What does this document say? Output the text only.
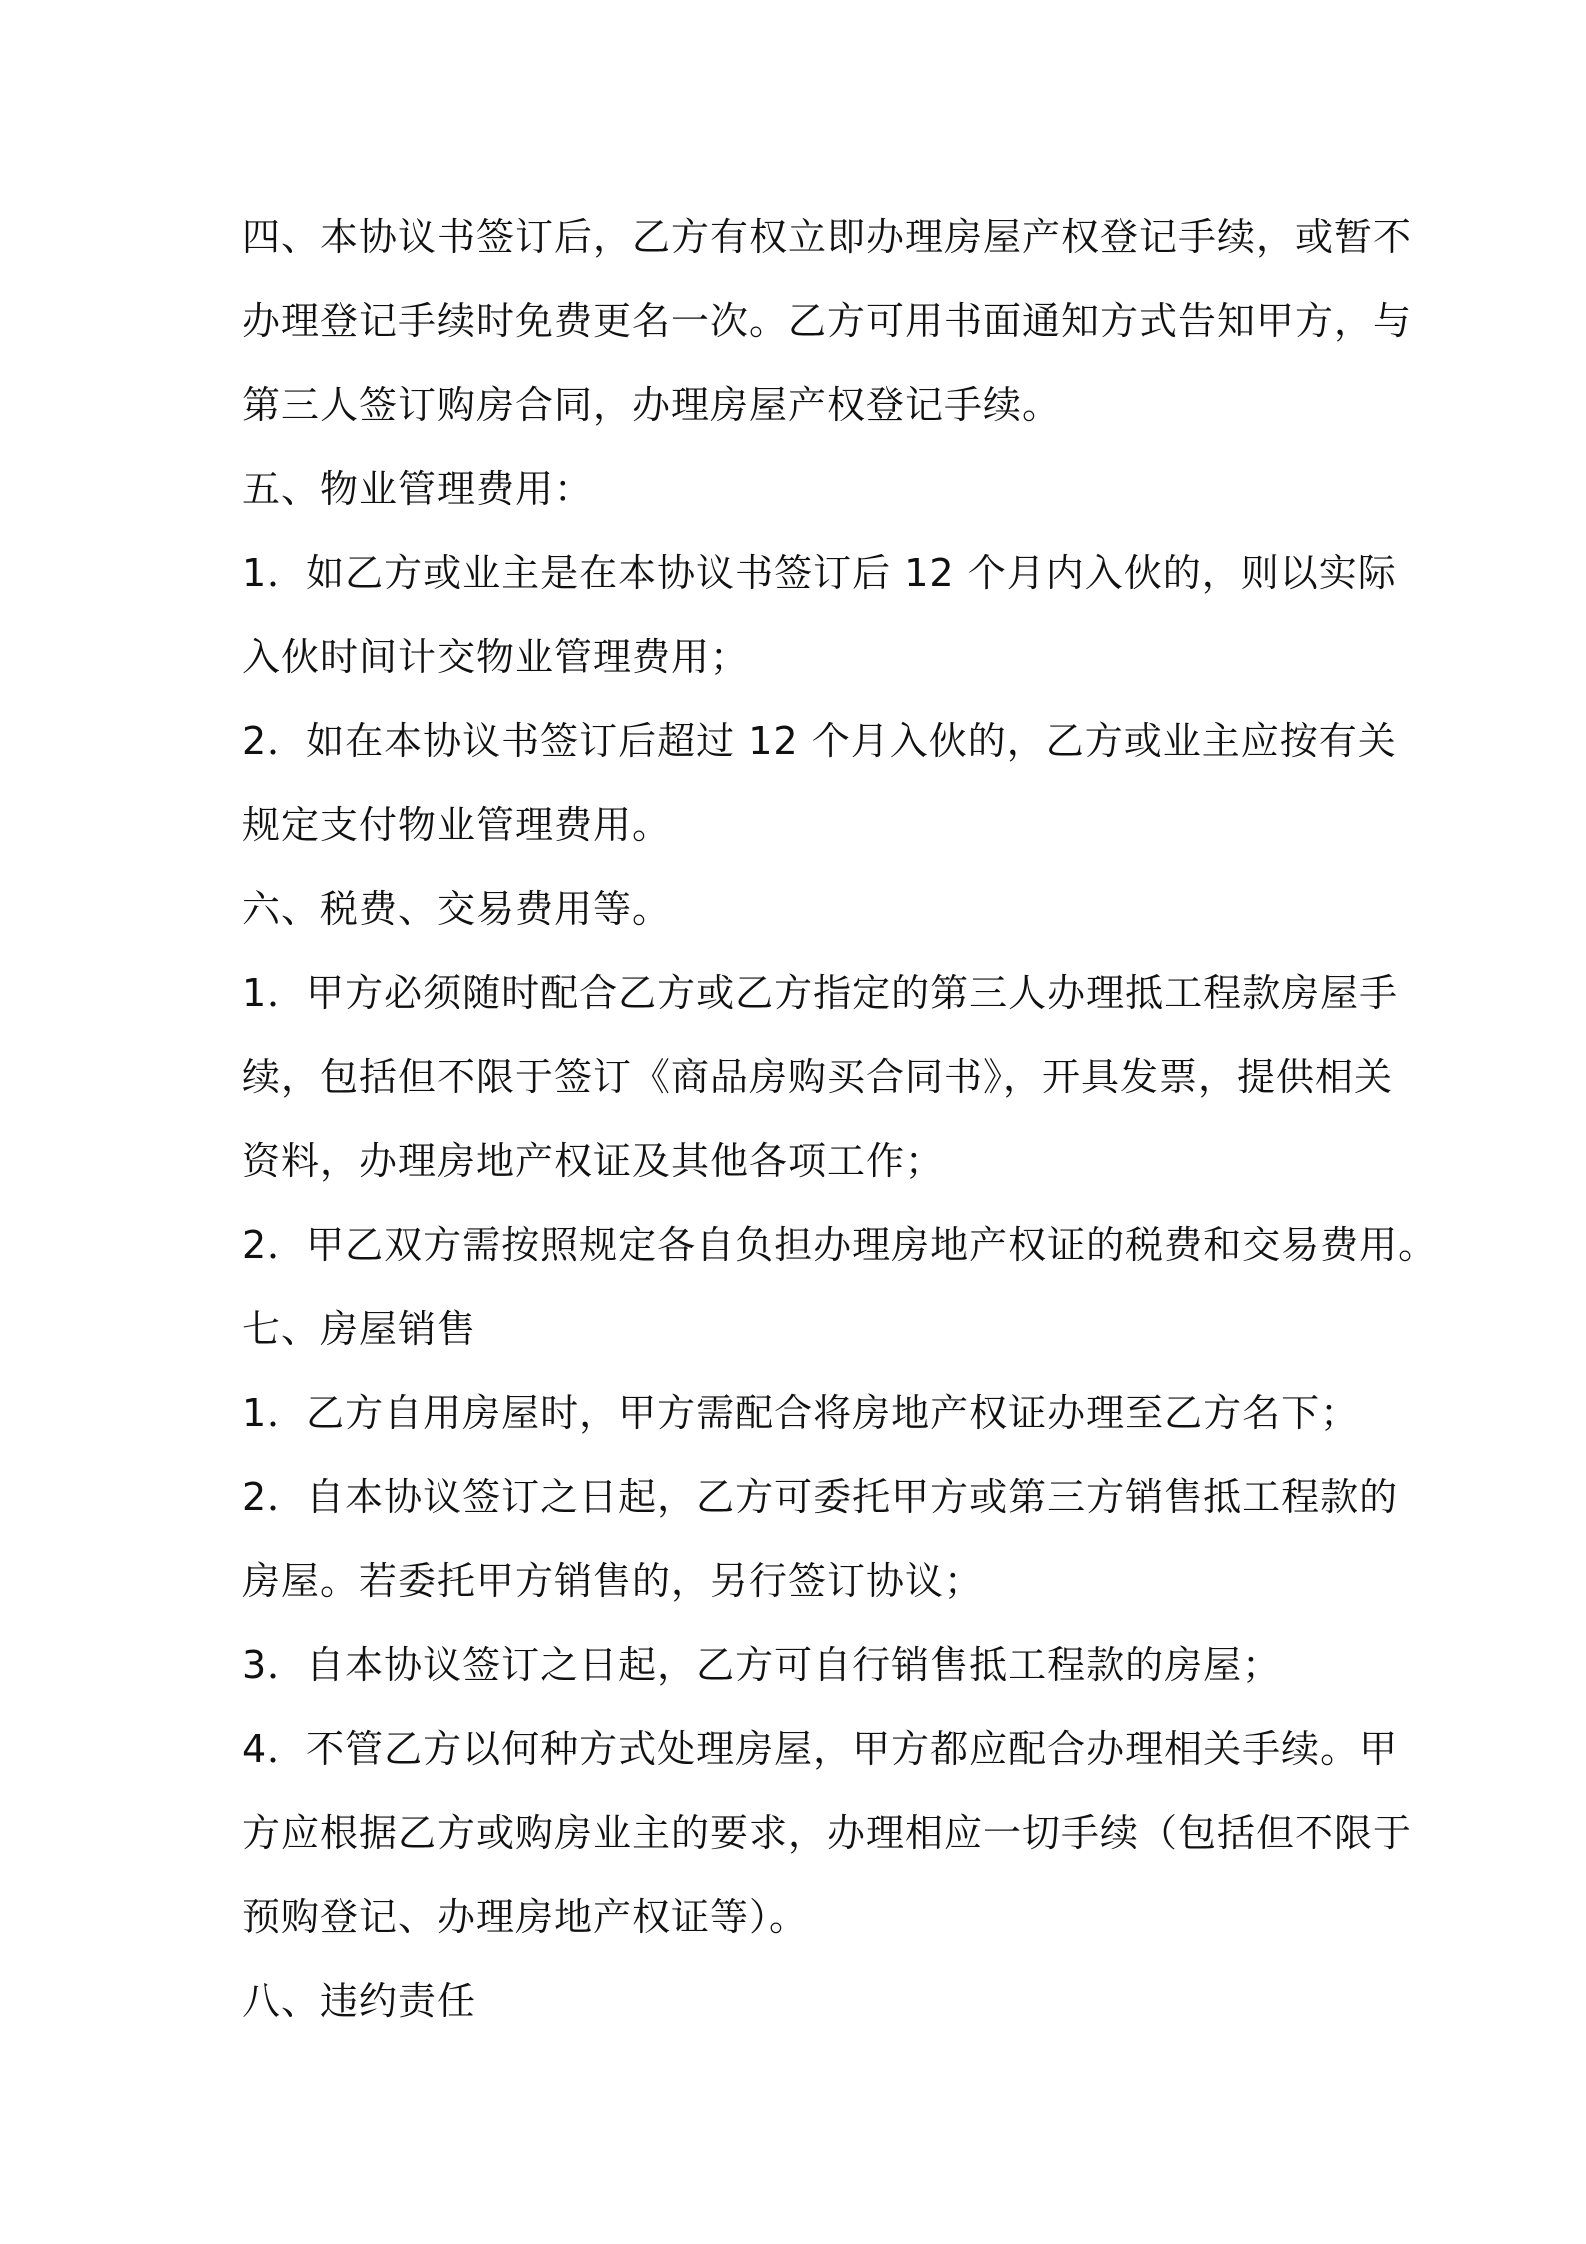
四、本协议书签订后，乙方有权立即办理房屋产权登记手续，或暂不
办理登记手续时免费更名一次。乙方可用书面通知方式告知甲方，与
第三人签订购房合同，办理房屋产权登记手续。
五、物业管理费用：
1．如乙方或业主是在本协议书签订后 12 个月内入伙的，则以实际
入伙时间计交物业管理费用；
2．如在本协议书签订后超过 12 个月入伙的，乙方或业主应按有关
规定支付物业管理费用。
六、税费、交易费用等。
1．甲方必须随时配合乙方或乙方指定的第三人办理抵工程款房屋手
续，包括但不限于签订《商品房购买合同书》，开具发票，提供相关
资料，办理房地产权证及其他各项工作；
2．甲乙双方需按照规定各自负担办理房地产权证的税费和交易费用。
七、房屋销售
1．乙方自用房屋时，甲方需配合将房地产权证办理至乙方名下；
2．自本协议签订之日起，乙方可委托甲方或第三方销售抵工程款的
房屋。若委托甲方销售的，另行签订协议；
3．自本协议签订之日起，乙方可自行销售抵工程款的房屋；
4．不管乙方以何种方式处理房屋，甲方都应配合办理相关手续。甲
方应根据乙方或购房业主的要求，办理相应一切手续（包括但不限于
预购登记、办理房地产权证等）。
八、违约责任
